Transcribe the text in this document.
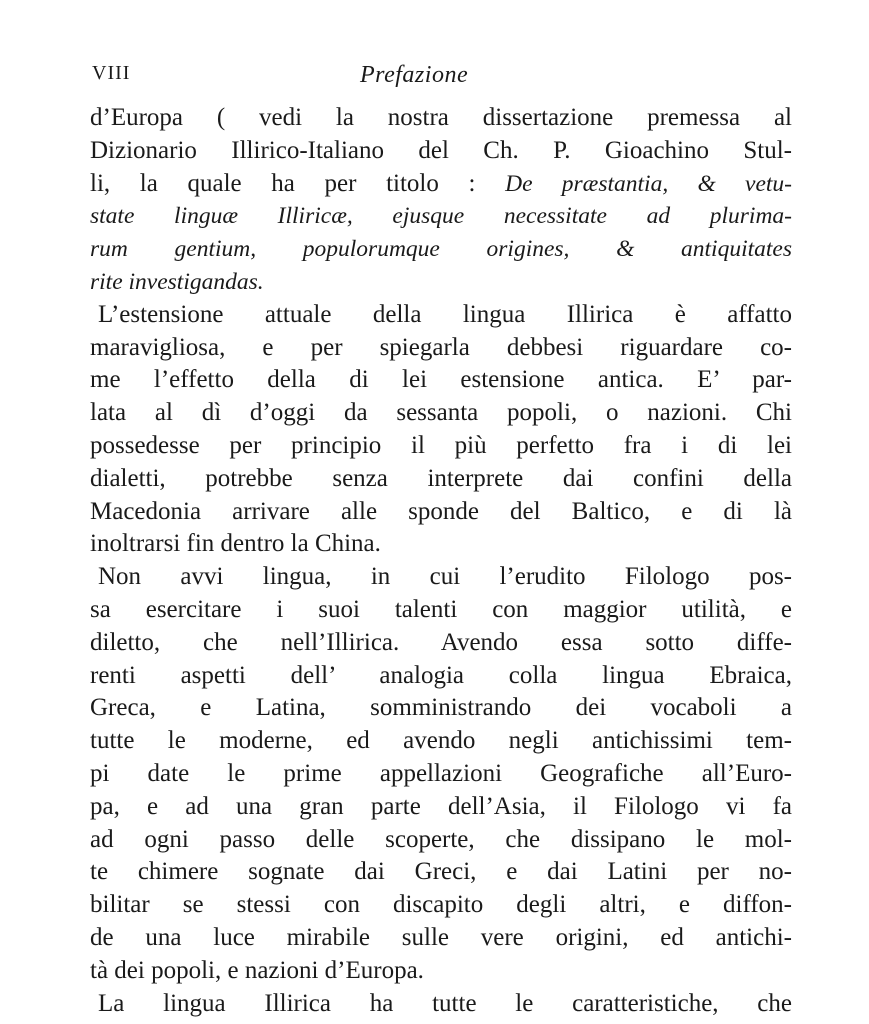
VIII	Prefazione
d’Europa ( vedi la nostra dissertazione premessa al
Dizionario Illirico-Italiano del Ch. P. Gioachino Stul-
li, la quale ha per titolo : De præstantia, & vetu-
state linguæ Illiricæ, ejusque necessitate ad plurima-
rum gentium, populorumque origines, & antiquitates
rite investigandas.
L’estensione attuale della lingua Illirica è affatto
maravigliosa, e per spiegarla debbesi riguardare co-
me l’effetto della di lei estensione antica. E’ par-
lata al dì d’oggi da sessanta popoli, o nazioni. Chi
possedesse per principio il più perfetto fra i di lei
dialetti, potrebbe senza interprete dai confini della
Macedonia arrivare alle sponde del Baltico, e di là
inoltrarsi fin dentro la China.
Non avvi lingua, in cui l’erudito Filologo pos-
sa esercitare i suoi talenti con maggior utilità, e
diletto, che nell’Illirica. Avendo essa sotto diffe-
renti aspetti dell’ analogia colla lingua Ebraica,
Greca, e Latina, somministrando dei vocaboli a
tutte le moderne, ed avendo negli antichissimi tem-
pi date le prime appellazioni Geografiche all’Euro-
pa, e ad una gran parte dell’Asia, il Filologo vi fa
ad ogni passo delle scoperte, che dissipano le mol-
te chimere sognate dai Greci, e dai Latini per no-
bilitar se stessi con discapito degli altri, e diffon-
de una luce mirabile sulle vere origini, ed antichi-
tà dei popoli, e nazioni d’Europa.
La lingua Illirica ha tutte le caratteristiche, che
